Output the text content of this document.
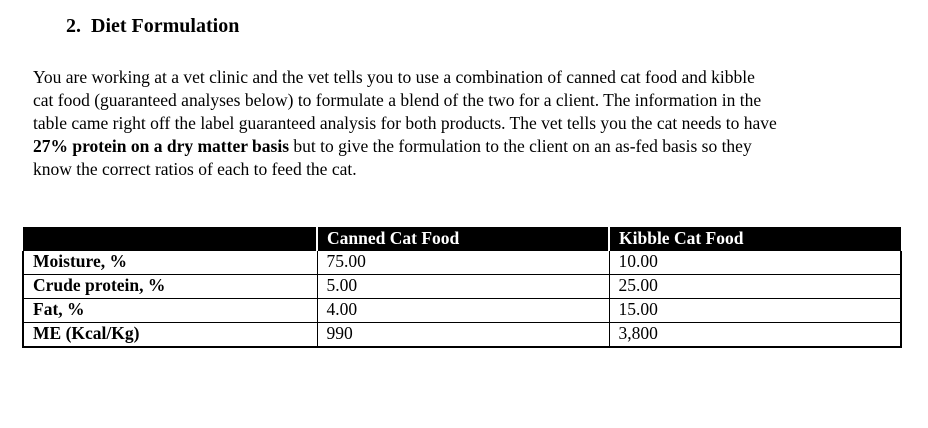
2. Diet Formulation
You are working at a vet clinic and the vet tells you to use a combination of canned cat food and kibble
cat food (guaranteed analyses below) to formulate a blend of the two for a client. The information in the
table came right off the label guaranteed analysis for both products. The vet tells you the cat needs to have
27% protein on a dry matter basis but to give the formulation to the client on an as-fed basis so they
know the correct ratios of each to feed the cat.
	Canned Cat Food	Kibble Cat Food
Moisture, %	75.00	10.00
Crude protein, %	5.00	25.00
Fat, %	4.00	15.00
ME (Kcal/Kg)	990	3,800
